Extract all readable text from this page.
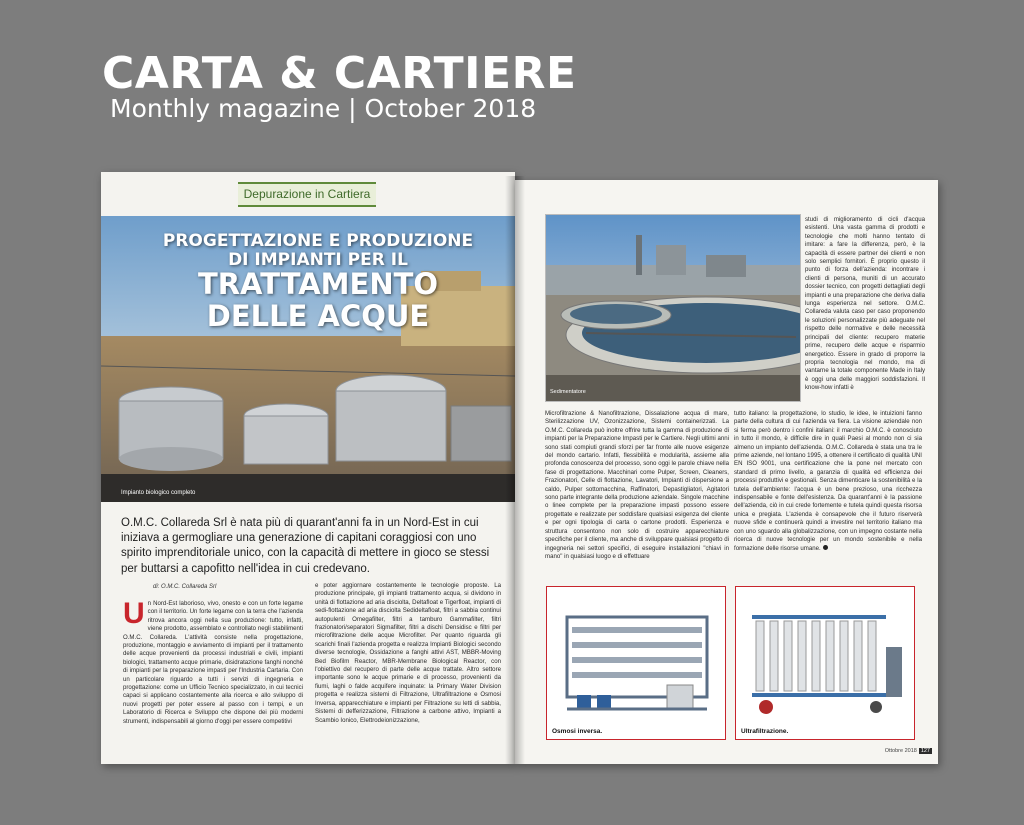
CARTA & CARTIERE
Monthly magazine | October 2018
Depurazione in Cartiera
PROGETTAZIONE E PRODUZIONE
DI IMPIANTI PER IL
TRATTAMENTO
DELLE ACQUE
Impianto biologico completo
O.M.C. Collareda Srl è nata più di quarant'anni fa in un Nord-Est in cui iniziava a germogliare una generazione di capitani coraggiosi con uno spirito imprenditoriale unico, con la capacità di mettere in gioco se stessi per buttarsi a capofitto nell'idea in cui credevano.
di: O.M.C. Collareda Srl
U n Nord-Est laborioso, vivo, onesto e con un forte legame con il territorio. Un forte legame con la terra che l'azienda ritrova ancora oggi nella sua produzione: tutto, infatti, viene prodotto, assemblato e controllato negli stabilimenti O.M.C. Collareda. L'attività consiste nella progettazione, produzione, montaggio e avviamento di impianti per il trattamento delle acque provenienti da processi industriali e civili, impianti biologici, trattamento acque primarie, disidratazione fanghi nonché di impianti per la preparazione impasti per l'Industria Cartaria. Con un particolare riguardo a tutti i servizi di ingegneria e progettazione: come un Ufficio Tecnico specializzato, in cui tecnici capaci si applicano costantemente alla ricerca e allo sviluppo di nuovi progetti per poter essere al passo con i tempi, e un Laboratorio di Ricerca e Sviluppo che dispone dei più moderni strumenti, indispensabili al giorno d'oggi per essere competitivi
e poter aggiornare costantemente le tecnologie proposte. La produzione principale, gli impianti trattamento acqua, si dividono in unità di flottazione ad aria disciolta, Deltafloat e Tigerfloat, impianti di sedi-flottazione ad aria disciolta Sedideltafloat, filtri a sabbia continui autopulenti Omegafilter, filtri a tamburo Gammafilter, filtri frazionatori/separatori Sigmafilter, filtri a dischi Densidisc e filtri per microfiltrazione delle acque Microfilter. Per quanto riguarda gli scarichi finali l'azienda progetta e realizza Impianti Biologici secondo diverse tecnologie, Ossidazione a fanghi attivi AST, MBBR-Moving Bed Biofilm Reactor, MBR-Membrane Biological Reactor, con l'obiettivo del recupero di parte delle acque trattate. Altro settore importante sono le acque primarie e di processo, provenienti da fiumi, laghi o falde acquifere inquinate: la Primary Water Division progetta e realizza sistemi di Filtrazione, Ultrafiltrazione e Osmosi Inversa, apparecchiature e impianti per Filtrazione su letti di sabbia, Sistemi di defferizzazione, Filtrazione a carbone attivo, Impianti a Scambio Ionico, Elettrodeionizzazione,
Sedimentatore
studi di miglioramento di cicli d'acqua esistenti. Una vasta gamma di prodotti e tecnologie che molti hanno tentato di imitare: a fare la differenza, però, è la capacità di essere partner dei clienti e non solo semplici fornitori. È proprio questo il punto di forza dell'azienda: incontrare i clienti di persona, muniti di un accurato dossier tecnico, con progetti dettagliati degli impianti e una preparazione che deriva dalla lunga esperienza nel settore. O.M.C. Collareda valuta caso per caso proponendo le soluzioni personalizzate più adeguate nel rispetto delle normative e delle necessità principali del cliente: recupero materie prime, recupero delle acque e risparmio energetico. Essere in grado di proporre la propria tecnologia nel mondo, ma di vantarne la totale componente Made in Italy è oggi una delle maggiori soddisfazioni. Il know-how infatti è
Microfiltrazione & Nanofiltrazione, Dissalazione acqua di mare, Sterilizzazione UV, Ozonizzazione, Sistemi containerizzati. La O.M.C. Collareda può inoltre offrire tutta la gamma di produzione di impianti per la Preparazione Impasti per le Cartiere. Negli ultimi anni sono stati compiuti grandi sforzi per far fronte alle nuove esigenze del mondo cartario. Infatti, flessibilità e modularità, assieme alla profonda conoscenza del processo, sono oggi le parole chiave nella fase di progettazione. Macchinari come Pulper, Screen, Cleaners, Frazionatori, Celle di flottazione, Lavatori, Impianti di dispersione a caldo, Pulper sottomacchina, Raffinatori, Depastigliatori, Agitatori sono parte integrante della produzione aziendale. Singole macchine o linee complete per la preparazione impasti possono essere progettate e realizzate per soddisfare qualsiasi esigenza del cliente e per ogni tipologia di carta o cartone prodotti. Esperienza e struttura consentono non solo di costruire apparecchiature specifiche per il cliente, ma anche di sviluppare qualsiasi progetto di ingegneria nei settori specifici, di eseguire installazioni "chiavi in mano" in qualsiasi luogo e di effettuare
tutto italiano: la progettazione, lo studio, le idee, le intuizioni fanno parte della cultura di cui l'azienda va fiera. La visione aziendale non si ferma però dentro i confini italiani: il marchio O.M.C. è conosciuto in tutto il mondo, è difficile dire in quali Paesi al mondo non ci sia almeno un impianto dell'azienda. O.M.C. Collareda è stata una tra le prime aziende, nel lontano 1995, a ottenere il certificato di qualità UNI EN ISO 9001, una certificazione che la pone nel mercato con standard di primo livello, a garanzia di qualità ed efficienza dei processi produttivi e gestionali. Senza dimenticare la sostenibilità e la tutela dell'ambiente: l'acqua è un bene prezioso, una ricchezza indispensabile e fonte dell'esistenza. Da quarant'anni è la passione dell'azienda, ciò in cui crede fortemente e tutela quindi questa risorsa unica e pregiata. L'azienda è consapevole che il futuro riserverà nuove sfide e continuerà quindi a investire nel territorio italiano ma con uno sguardo alla globalizzazione, con un impegno costante nella ricerca di nuove tecnologie per un mondo sostenibile e nella formazione delle risorse umane.
Osmosi inversa.	Ultrafiltrazione.
Ottobre 2018 127
